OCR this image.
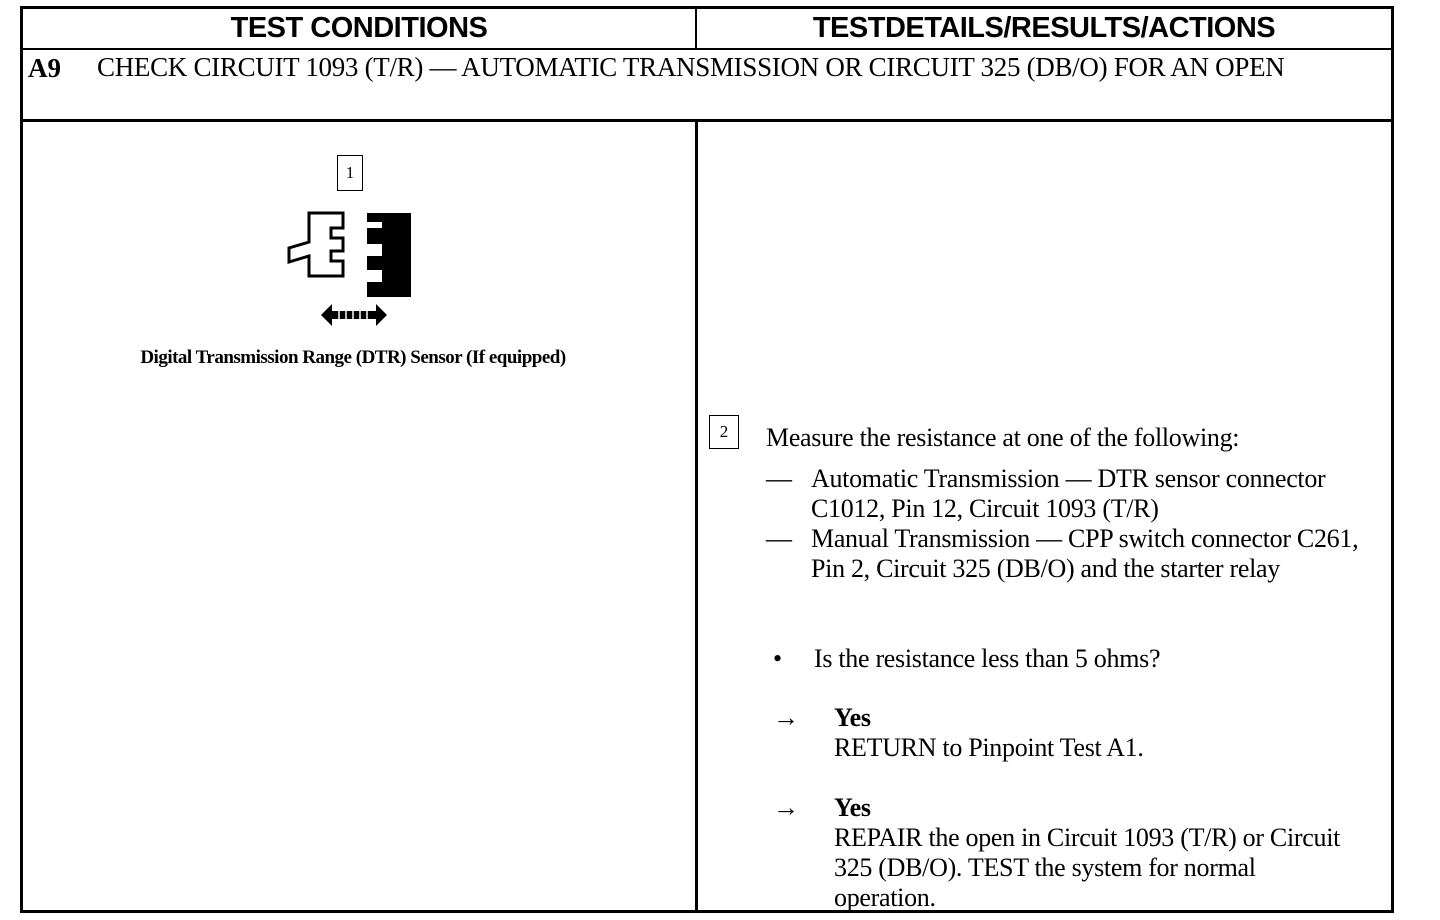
TEST CONDITIONS	TESTDETAILS/RESULTS/ACTIONS
A9 CHECK CIRCUIT 1093 (T/R) — AUTOMATIC TRANSMISSION OR CIRCUIT 325 (DB/O) FOR AN OPEN
1
Digital Transmission Range (DTR) Sensor (If equipped)
2	Measure the resistance at one of the following:
— Automatic Transmission — DTR sensor connector C1012, Pin 12, Circuit 1093 (T/R)
— Manual Transmission — CPP switch connector C261, Pin 2, Circuit 325 (DB/O) and the starter relay
• Is the resistance less than 5 ohms?
→ Yes
RETURN to Pinpoint Test A1.
→ Yes
REPAIR the open in Circuit 1093 (T/R) or Circuit 325 (DB/O). TEST the system for normal operation.
